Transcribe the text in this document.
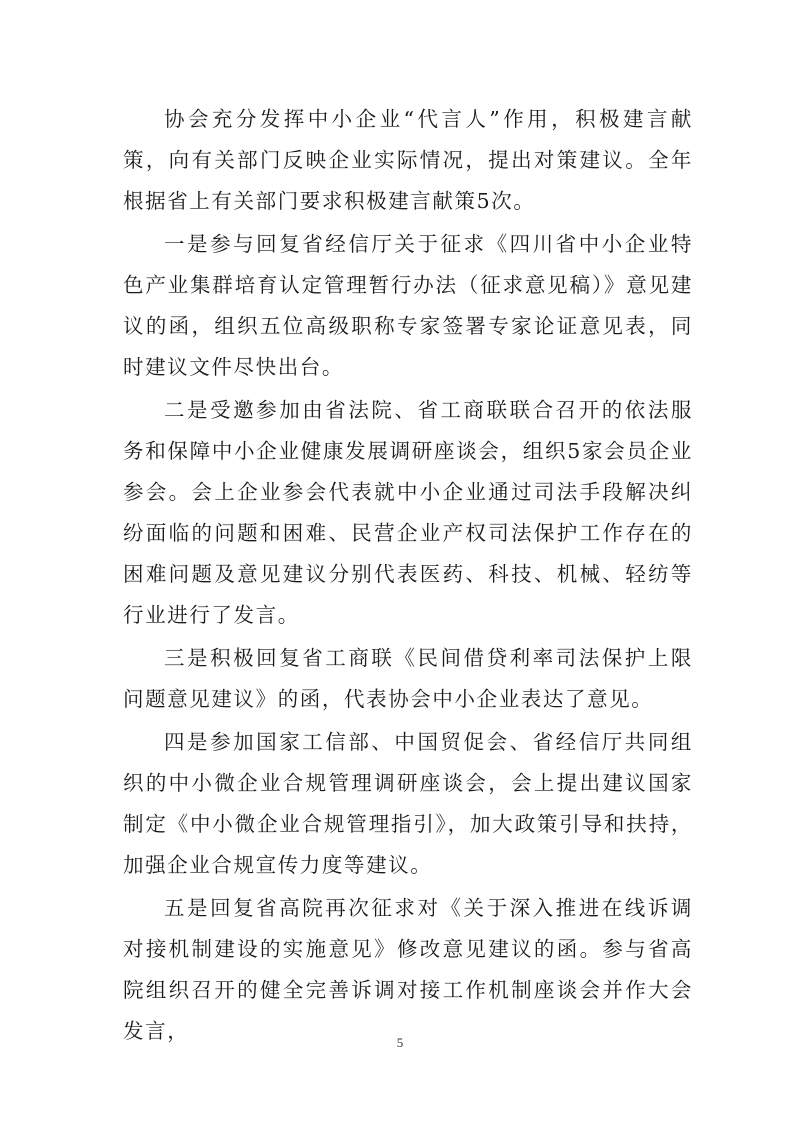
协会充分发挥中小企业“代言人”作用，积极建言献策，向有关部门反映企业实际情况，提出对策建议。全年根据省上有关部门要求积极建言献策5次。

一是参与回复省经信厅关于征求《四川省中小企业特色产业集群培育认定管理暂行办法（征求意见稿）》意见建议的函，组织五位高级职称专家签署专家论证意见表，同时建议文件尽快出台。

二是受邀参加由省法院、省工商联联合召开的依法服务和保障中小企业健康发展调研座谈会，组织5家会员企业参会。会上企业参会代表就中小企业通过司法手段解决纠纷面临的问题和困难、民营企业产权司法保护工作存在的困难问题及意见建议分别代表医药、科技、机械、轻纺等行业进行了发言。

三是积极回复省工商联《民间借贷利率司法保护上限问题意见建议》的函，代表协会中小企业表达了意见。

四是参加国家工信部、中国贸促会、省经信厅共同组织的中小微企业合规管理调研座谈会，会上提出建议国家制定《中小微企业合规管理指引》，加大政策引导和扶持，加强企业合规宣传力度等建议。

五是回复省高院再次征求对《关于深入推进在线诉调对接机制建设的实施意见》修改意见建议的函。参与省高院组织召开的健全完善诉调对接工作机制座谈会并作大会发言，	5
